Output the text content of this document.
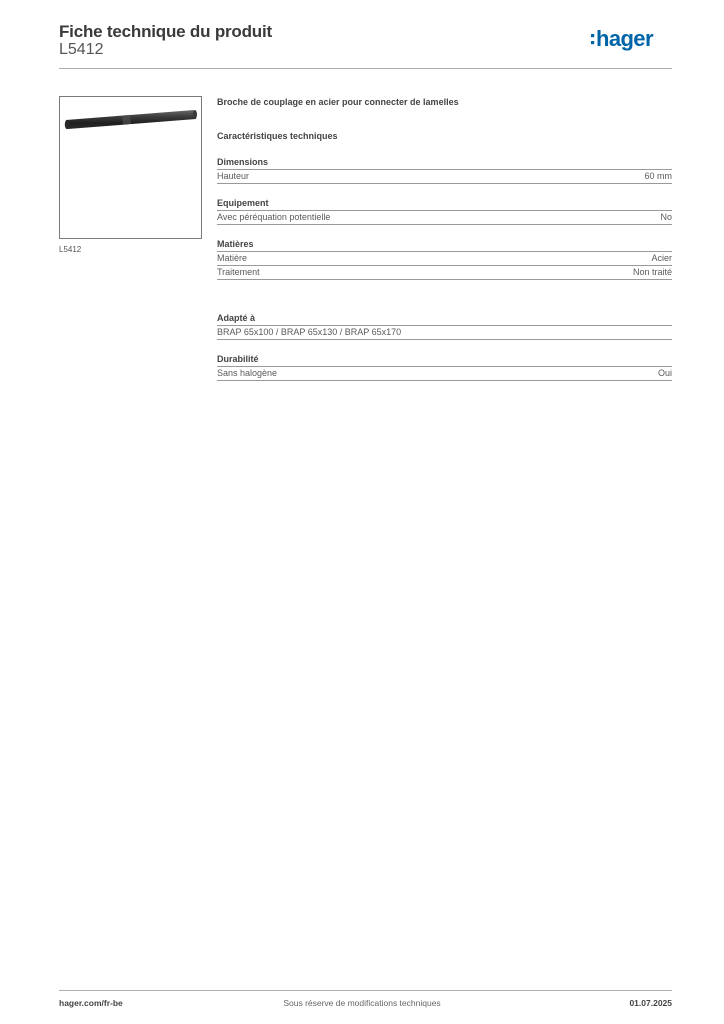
Fiche technique du produit
L5412	hager
L5412
Broche de couplage en acier pour connecter de lamelles
Caractéristiques techniques
Dimensions
Hauteur	60 mm
Equipement
Avec péréquation potentielle	No
Matières
Matière	Acier
Traitement	Non traité
Adapté à
BRAP 65x100 / BRAP 65x130 / BRAP 65x170
Durabilité
Sans halogène	Oui
hager.com/fr-be	Sous réserve de modifications techniques	01.07.2025
